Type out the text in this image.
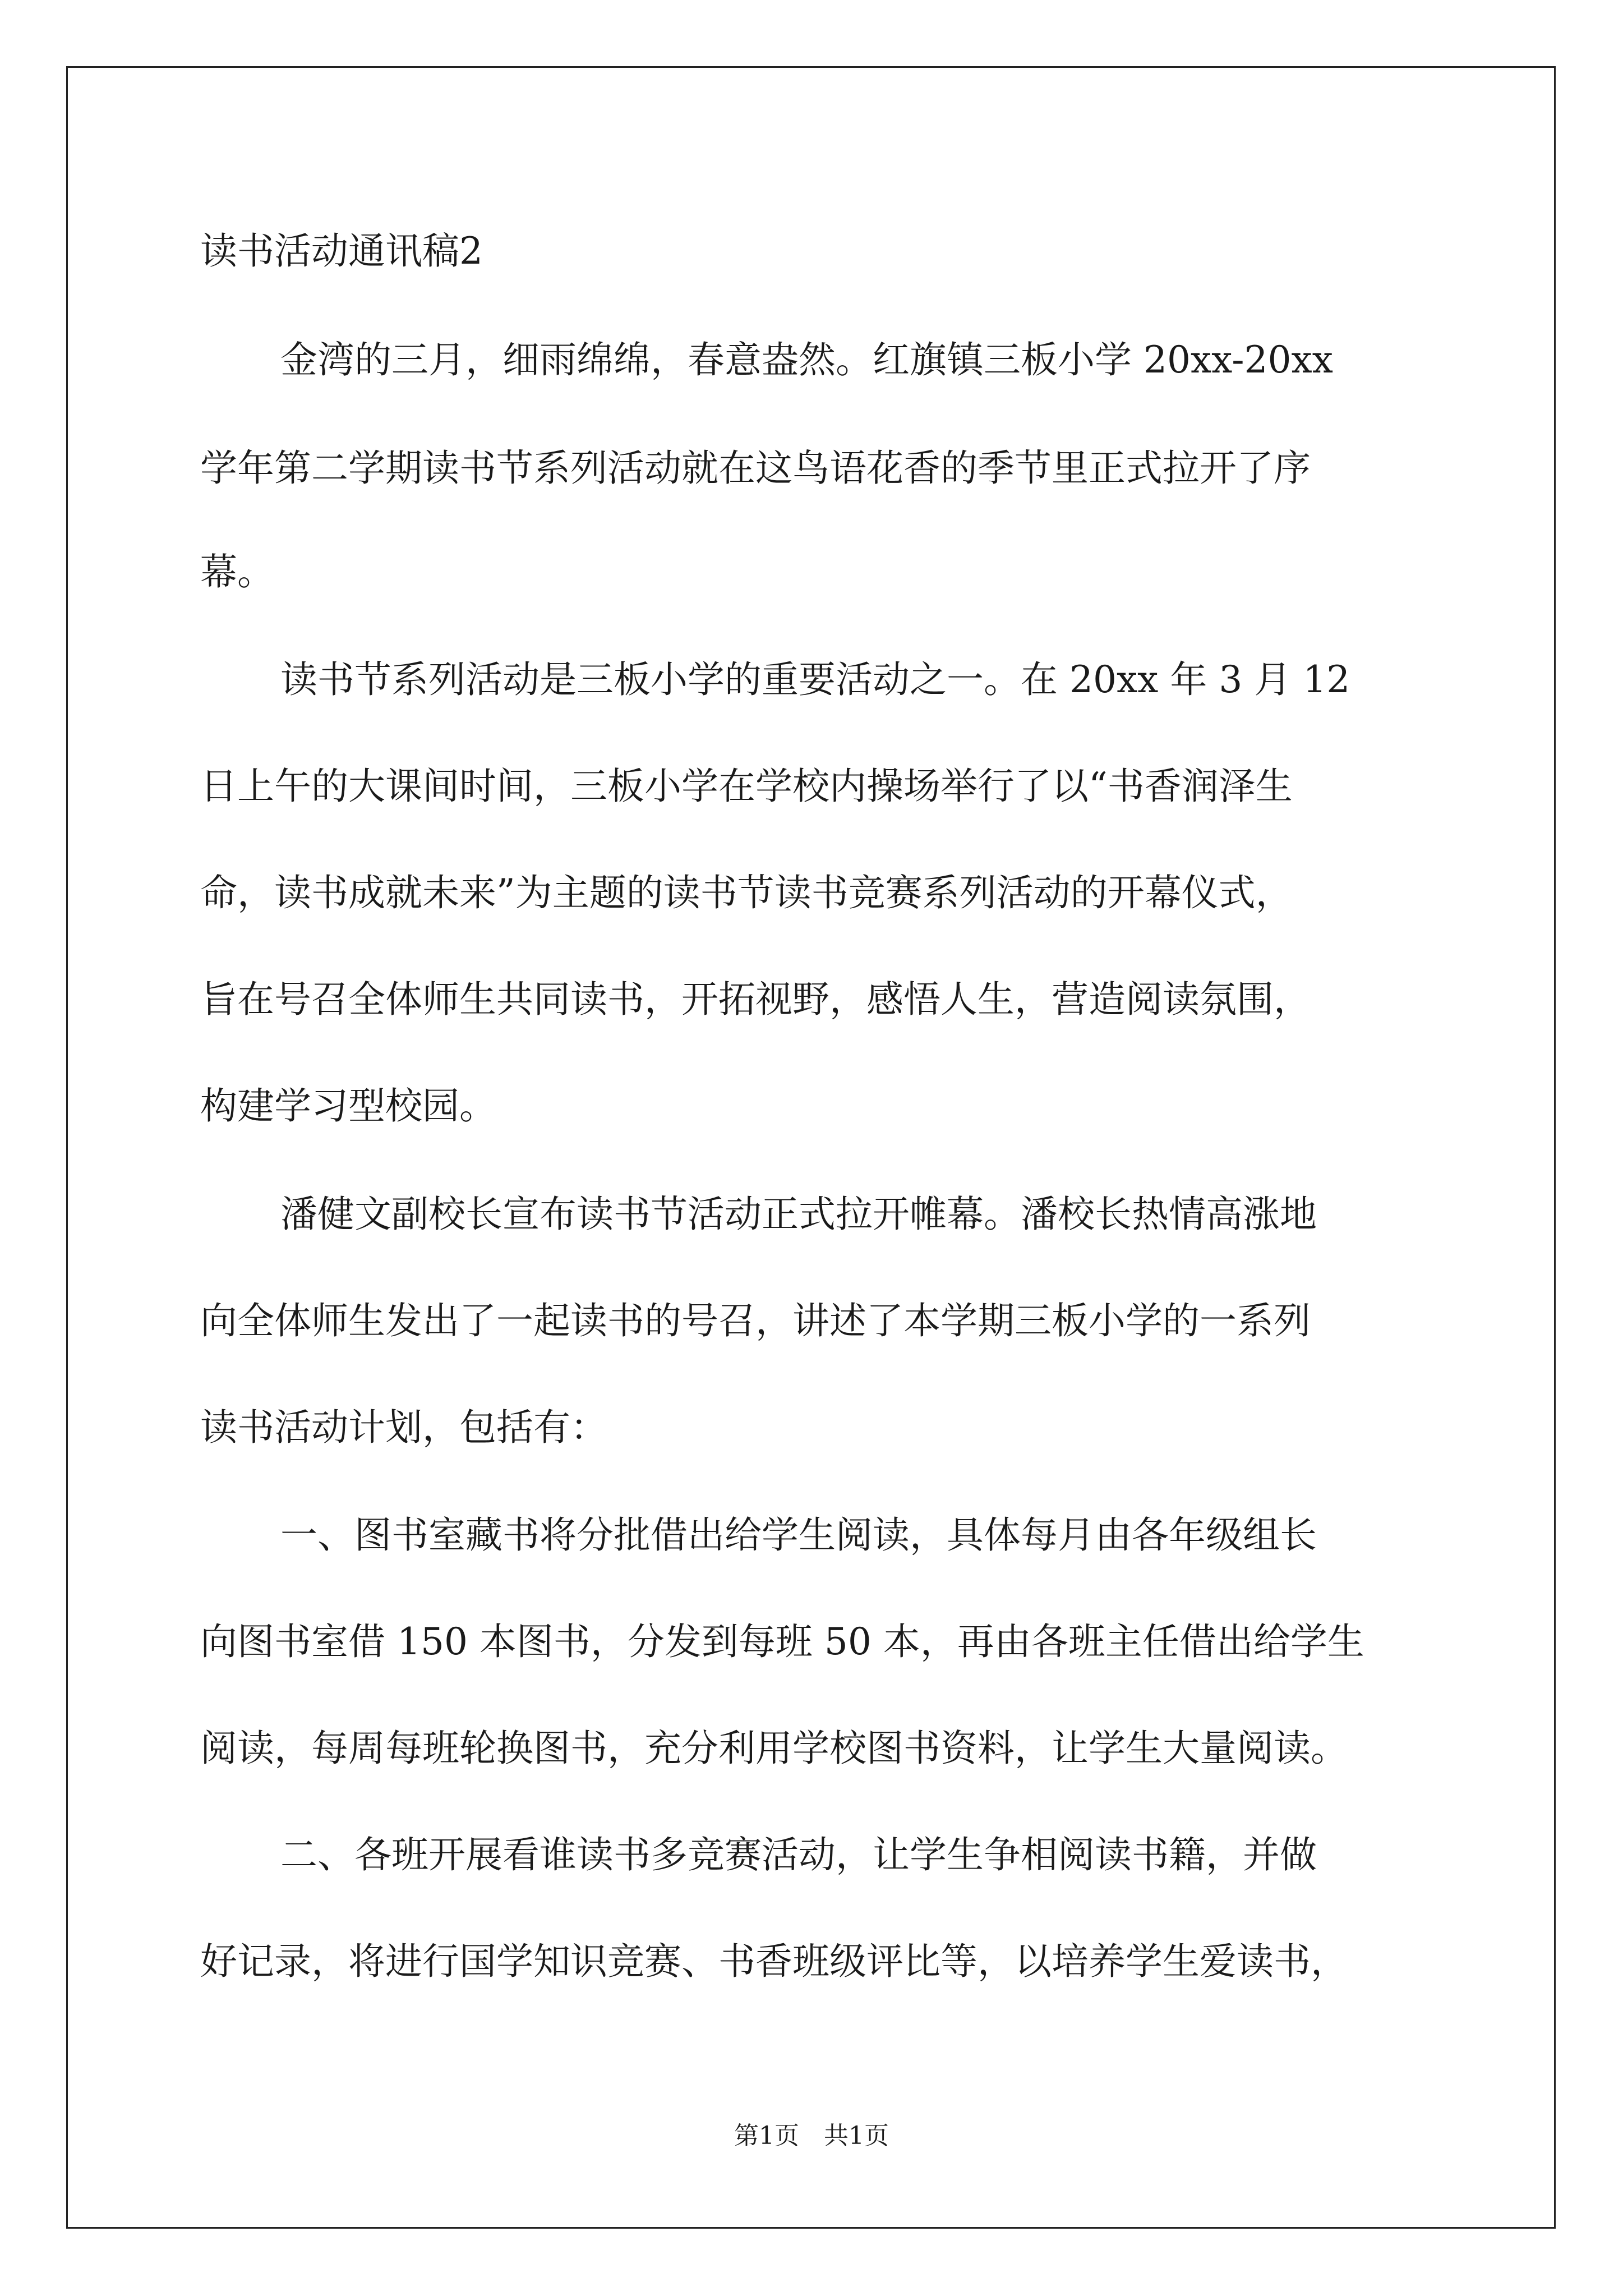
读书活动通讯稿2
金湾的三月，细雨绵绵，春意盎然。红旗镇三板小学 20xx-20xx
学年第二学期读书节系列活动就在这鸟语花香的季节里正式拉开了序
幕。
读书节系列活动是三板小学的重要活动之一。在 20xx 年 3 月 12
日上午的大课间时间，三板小学在学校内操场举行了以“书香润泽生
命，读书成就未来”为主题的读书节读书竞赛系列活动的开幕仪式，
旨在号召全体师生共同读书，开拓视野，感悟人生，营造阅读氛围，
构建学习型校园。
潘健文副校长宣布读书节活动正式拉开帷幕。潘校长热情高涨地
向全体师生发出了一起读书的号召，讲述了本学期三板小学的一系列
读书活动计划，包括有：
一、图书室藏书将分批借出给学生阅读，具体每月由各年级组长
向图书室借 150 本图书，分发到每班 50 本，再由各班主任借出给学生
阅读，每周每班轮换图书，充分利用学校图书资料，让学生大量阅读。
二、各班开展看谁读书多竞赛活动，让学生争相阅读书籍，并做
好记录，将进行国学知识竞赛、书香班级评比等，以培养学生爱读书，
第1页　共1页
